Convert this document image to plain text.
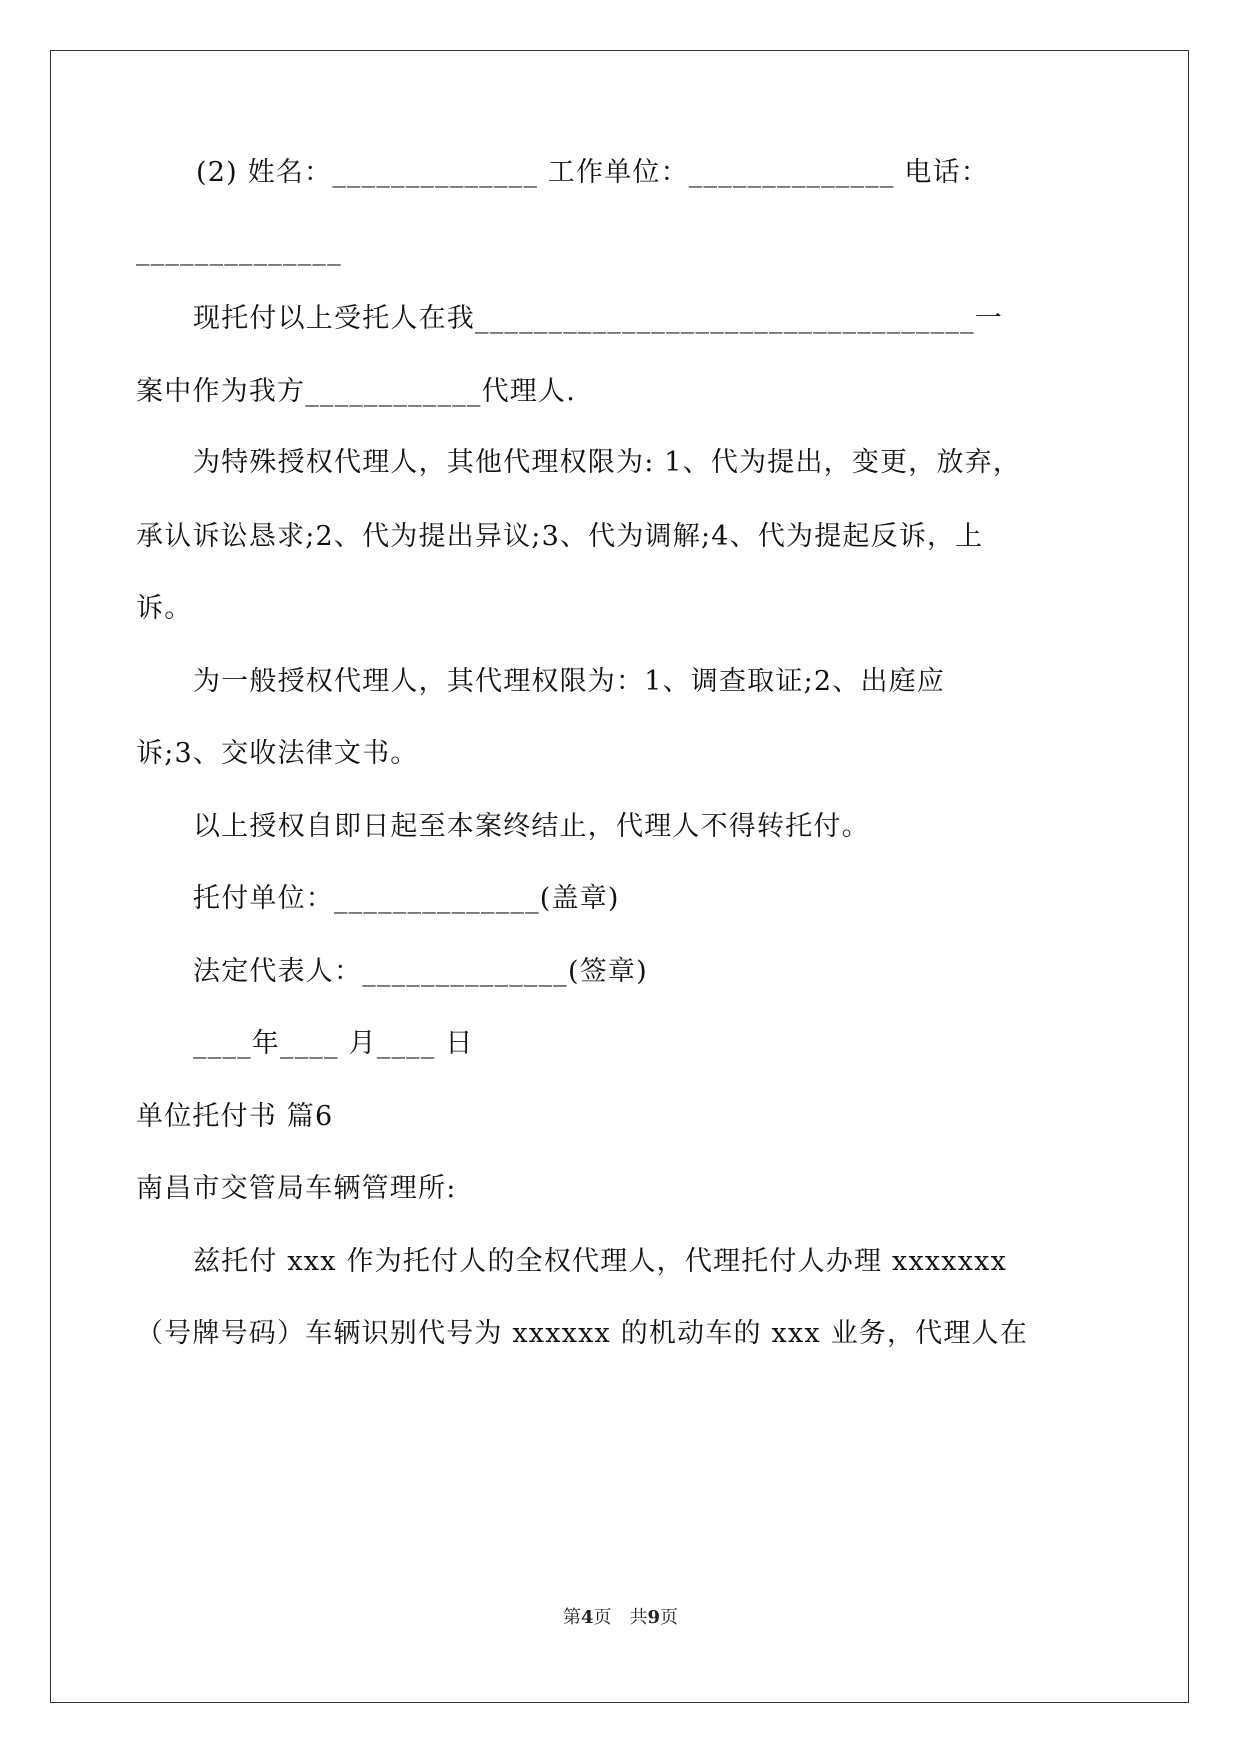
(2) 姓名：______________ 工作单位：______________ 电话：
______________
现托付以上受托人在我__________________________________一
案中作为我方____________代理人.
为特殊授权代理人，其他代理权限为: 1、代为提出，变更，放弃，
承认诉讼恳求;2、代为提出异议;3、代为调解;4、代为提起反诉，上
诉。
为一般授权代理人，其代理权限为：1、调查取证;2、出庭应
诉;3、交收法律文书。
以上授权自即日起至本案终结止，代理人不得转托付。
托付单位：______________(盖章)
法定代表人：______________(签章)
____年____ 月____ 日
单位托付书 篇6
南昌市交管局车辆管理所:
兹托付 xxx 作为托付人的全权代理人，代理托付人办理 xxxxxxx
（号牌号码）车辆识别代号为 xxxxxx 的机动车的 xxx 业务，代理人在
第4页　共9页
